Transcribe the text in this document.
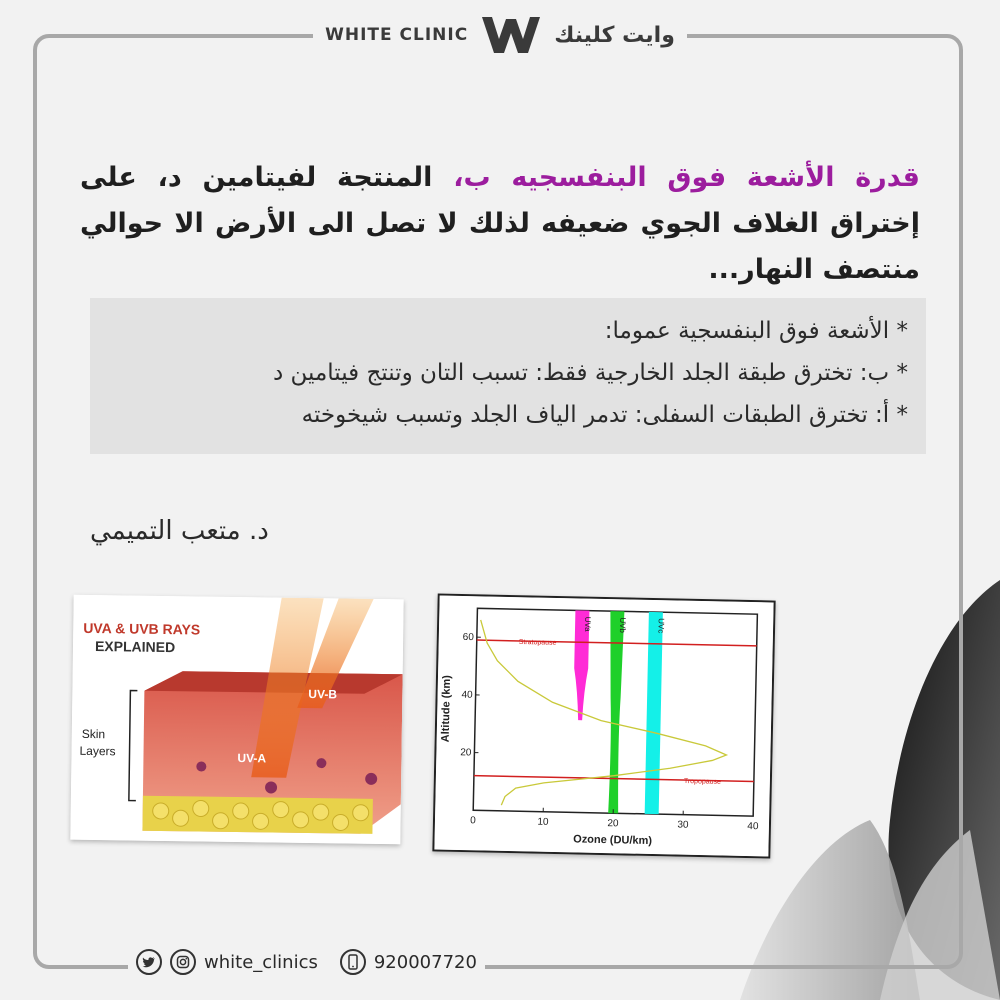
WHITE CLINIC	وايت كلينك
قدرة الأشعة فوق البنفسجيه ب، المنتجة لفيتامين د، على إختراق الغلاف الجوي ضعيفه لذلك لا تصل الى الأرض الا حوالي منتصف النهار...
* الأشعة فوق البنفسجية عموما:
* ب: تخترق طبقة الجلد الخارجية فقط: تسبب التان وتنتج فيتامين د
* أ: تخترق الطبقات السفلى: تدمر الياف الجلد وتسبب شيخوخته
د. متعب التميمي
UVA & UVB RAYS
EXPLAINED
UV-B
UV-A
Skin
Layers
UVa	UVb	UVc
Stratopause
Tropopause
0	10	20	30	40
20
40
60
Ozone (DU/km)
Altitude (km)
white_clinics	920007720
